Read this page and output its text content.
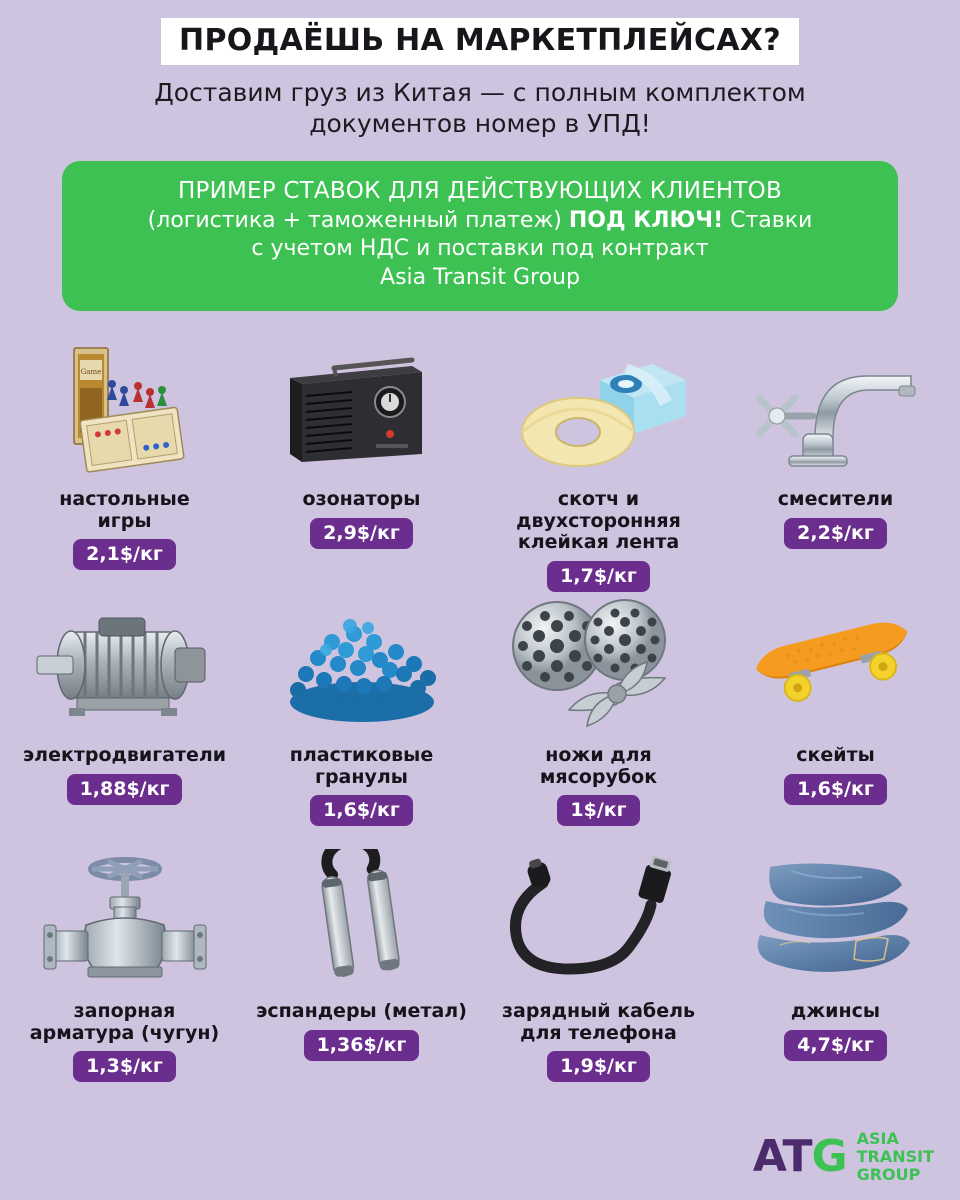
ПРОДАЁШЬ НА МАРКЕТПЛЕЙСАХ?
Доставим груз из Китая — с полным комплектом
документов номер в УПД!
ПРИМЕР СТАВОК ДЛЯ ДЕЙСТВУЮЩИХ КЛИЕНТОВ
(логистика + таможенный платеж) ПОД КЛЮЧ! Ставки
с учетом НДС и поставки под контракт
Asia Transit Group
Game
настольные
игры
2,1$/кг
озонаторы
2,9$/кг
скотч и
двухсторонняя
клейкая лента
1,7$/кг
смесители
2,2$/кг
электродвигатели
1,88$/кг
пластиковые
гранулы
1,6$/кг
ножи для
мясорубок
1$/кг
скейты
1,6$/кг
запорная
арматура (чугун)
1,3$/кг
эспандеры (метал)
1,36$/кг
зарядный кабель
для телефона
1,9$/кг
джинсы
4,7$/кг
AT G ASIA
TRANSIT
GROUP
